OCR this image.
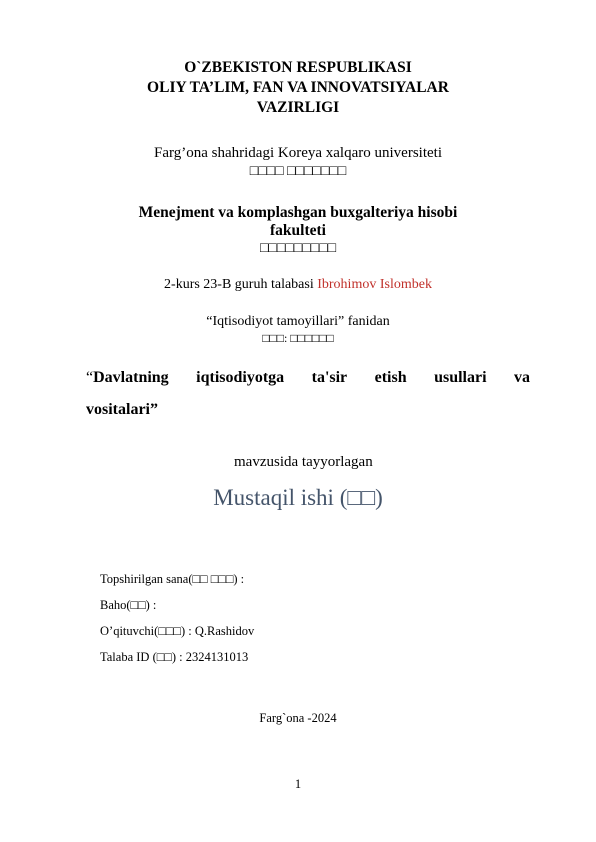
O`ZBEKISTON RESPUBLIKASI
OLIY TA’LIM, FAN VA INNOVATSIYALAR
VAZIRLIGI
Farg’ona shahridagi Koreya xalqaro universiteti
□□□□ □□□□□□□
Menejment va komplashgan buxgalteriya hisobi
fakulteti
□□□□□□□□□
2-kurs 23-B guruh talabasi Ibrohimov Islombek
“Iqtisodiyot tamoyillari” fanidan
□□□: □□□□□□
“Davlatning iqtisodiyotga ta'sir etish usullari va
vositalari”
mavzusida tayyorlagan
Mustaqil ishi (□□)
Topshirilgan sana(□□ □□□) :
Baho(□□) :
O’qituvchi(□□□) : Q.Rashidov
Talaba ID (□□) : 2324131013
Farg`ona -2024
1
